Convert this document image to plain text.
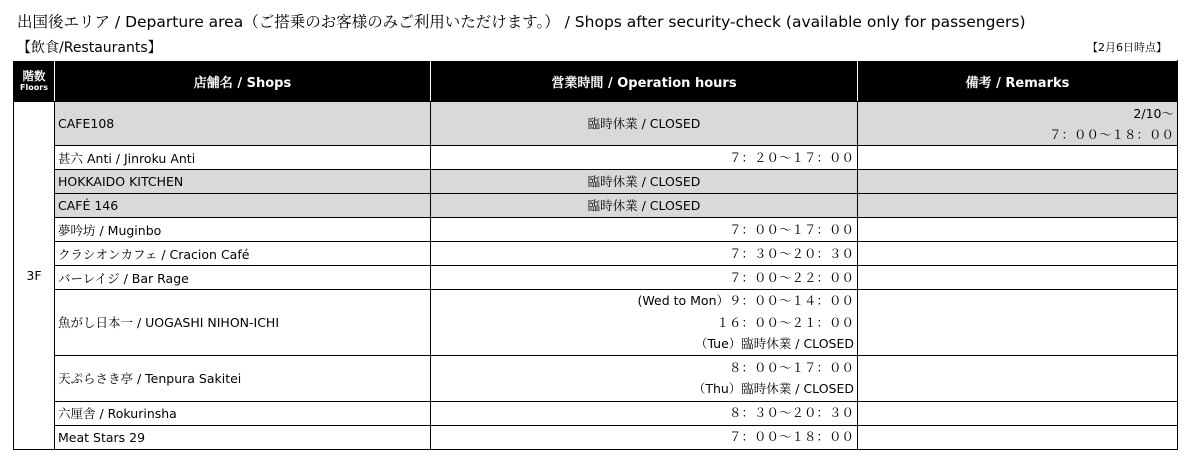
出国後エリア / Departure area（ご搭乗のお客様のみご利用いただけます。） / Shops after security-check (available only for passengers)
【飲食/Restaurants】	【2月6日時点】
階数
Floors	店舗名 / Shops	営業時間 / Operation hours	備考 / Remarks
3F	CAFE108	臨時休業 / CLOSED	2/10～
７：００～１８：００

	甚六 Anti / Jinroku Anti	７：２０～１７：００	

	HOKKAIDO KITCHEN	臨時休業 / CLOSED	

	CAFÉ 146	臨時休業 / CLOSED	

	夢吟坊 / Muginbo	７：００～１７：００	

	クラシオンカフェ / Cracion Café	７：３０～２０：３０	

	バーレイジ / Bar Rage	７：００～２２：００	

	魚がし日本一 / UOGASHI NIHON-ICHI	(Wed to Mon）９：００～１４：００
１６：００～２１：００
（Tue）臨時休業 / CLOSED	

	天ぷらさき亭 / Tenpura Sakitei	８：００～１７：００
（Thu）臨時休業 / CLOSED	

	六厘舎 / Rokurinsha	８：３０～２０：３０	

	Meat Stars 29	７：００～１８：００	
